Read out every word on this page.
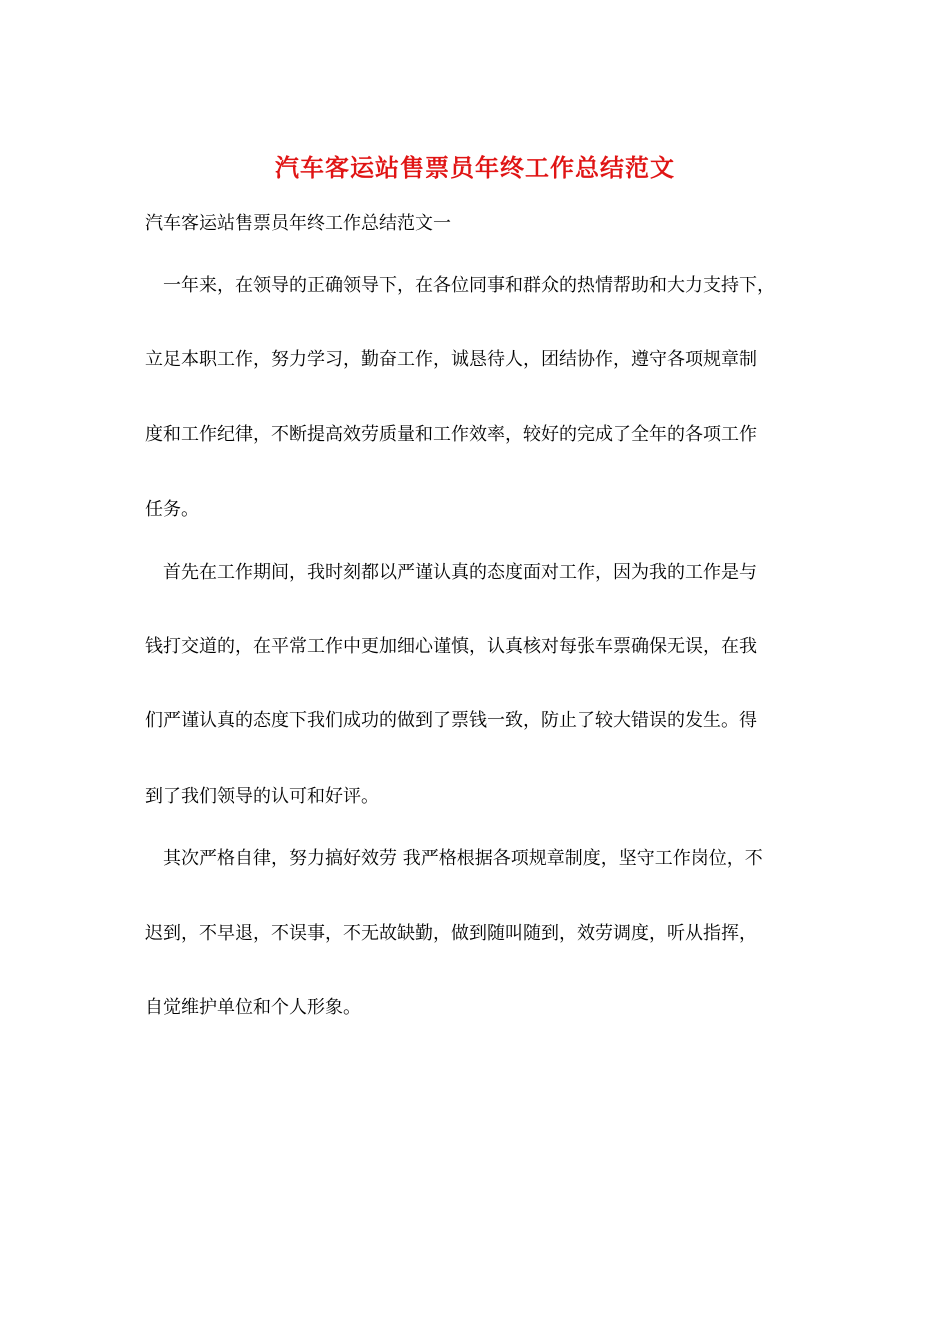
汽车客运站售票员年终工作总结范文
汽车客运站售票员年终工作总结范文一
　一年来，在领导的正确领导下，在各位同事和群众的热情帮助和大力支持下，
立足本职工作，努力学习，勤奋工作，诚恳待人，团结协作，遵守各项规章制
度和工作纪律，不断提高效劳质量和工作效率，较好的完成了全年的各项工作
任务。
　首先在工作期间，我时刻都以严谨认真的态度面对工作，因为我的工作是与
钱打交道的，在平常工作中更加细心谨慎，认真核对每张车票确保无误，在我
们严谨认真的态度下我们成功的做到了票钱一致，防止了较大错误的发生。得
到了我们领导的认可和好评。
　其次严格自律，努力搞好效劳 我严格根据各项规章制度，坚守工作岗位，不
迟到，不早退，不误事，不无故缺勤，做到随叫随到，效劳调度，听从指挥，
自觉维护单位和个人形象。
